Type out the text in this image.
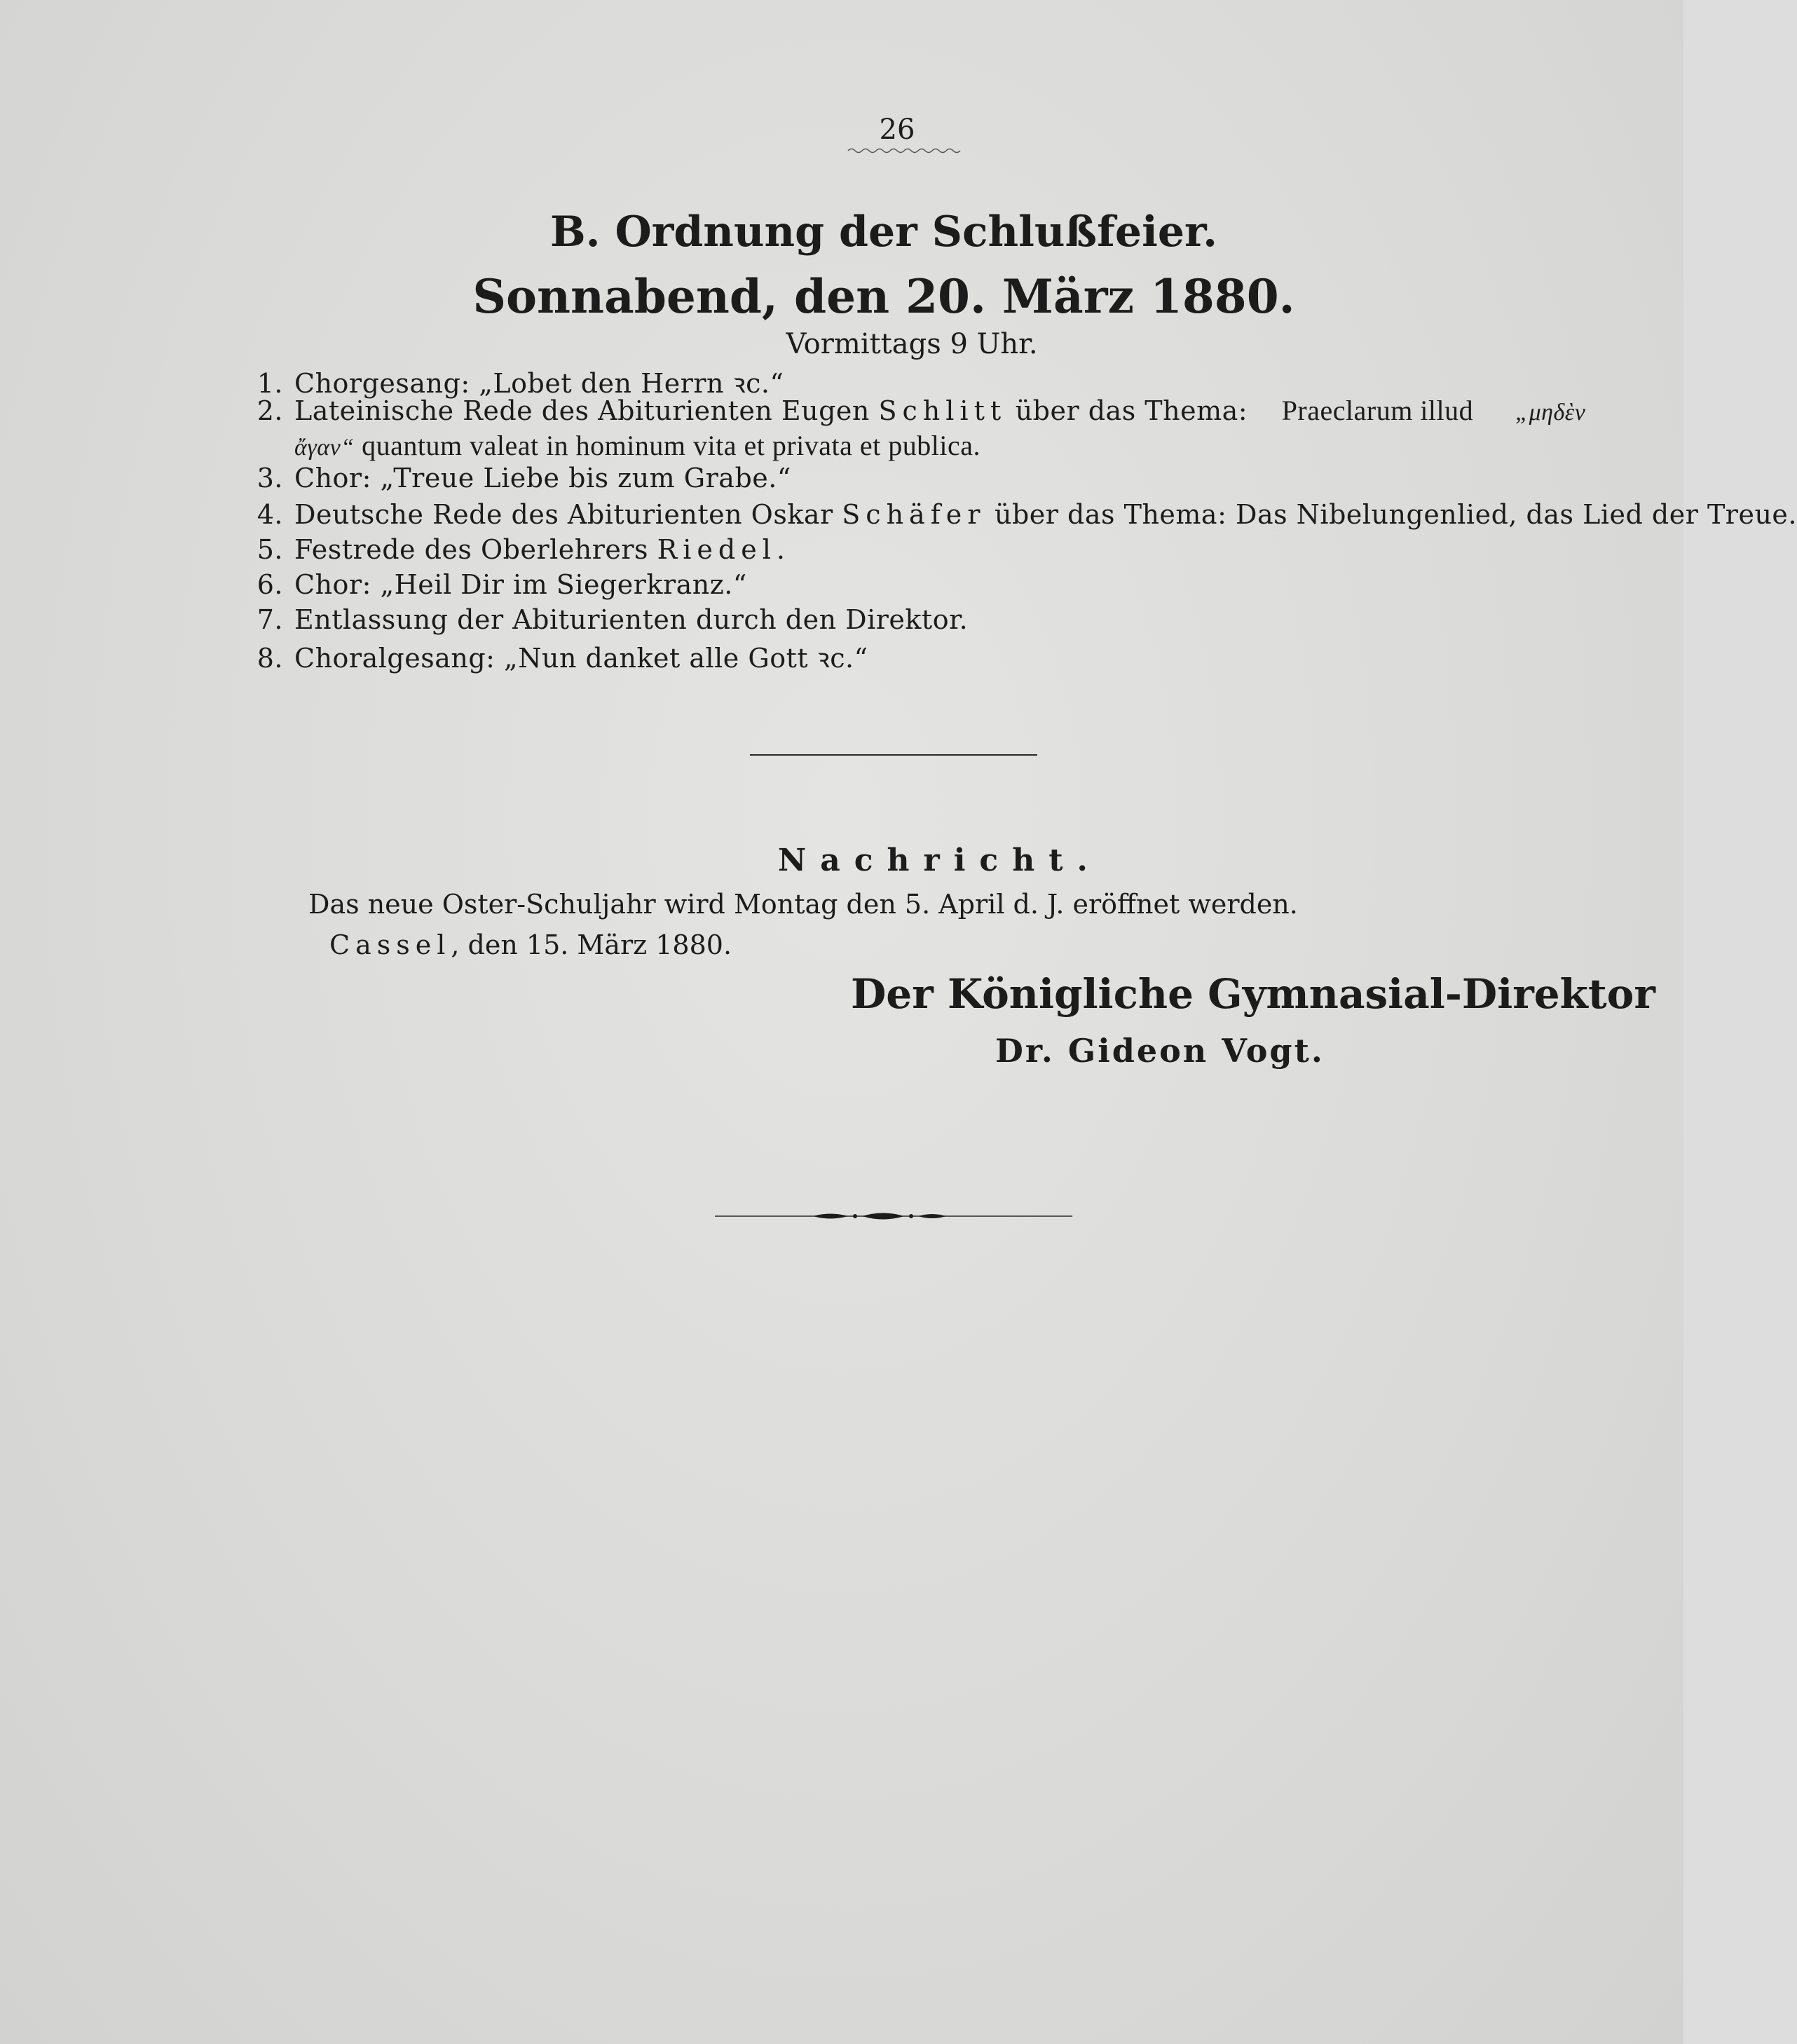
26
B. Ordnung der Schlußfeier.
Sonnabend, den 20. März 1880.
Vormittags 9 Uhr.
1. Chorgesang: „Lobet den Herrn ꝛc.“
2. Lateinische Rede des Abiturienten Eugen Schlitt über das Thema: Praeclarum illud „μηδὲν
ἄγαν“ quantum valeat in hominum vita et privata et publica.
3. Chor: „Treue Liebe bis zum Grabe.“
4. Deutsche Rede des Abiturienten Oskar Schäfer über das Thema: Das Nibelungenlied, das Lied der Treue.
5. Festrede des Oberlehrers Riedel.
6. Chor: „Heil Dir im Siegerkranz.“
7. Entlassung der Abiturienten durch den Direktor.
8. Choralgesang: „Nun danket alle Gott ꝛc.“
Nachricht.
Das neue Oster-Schuljahr wird Montag den 5. April d. J. eröffnet werden.
Cassel, den 15. März 1880.
Der Königliche Gymnasial-Direktor
Dr. Gideon Vogt.
